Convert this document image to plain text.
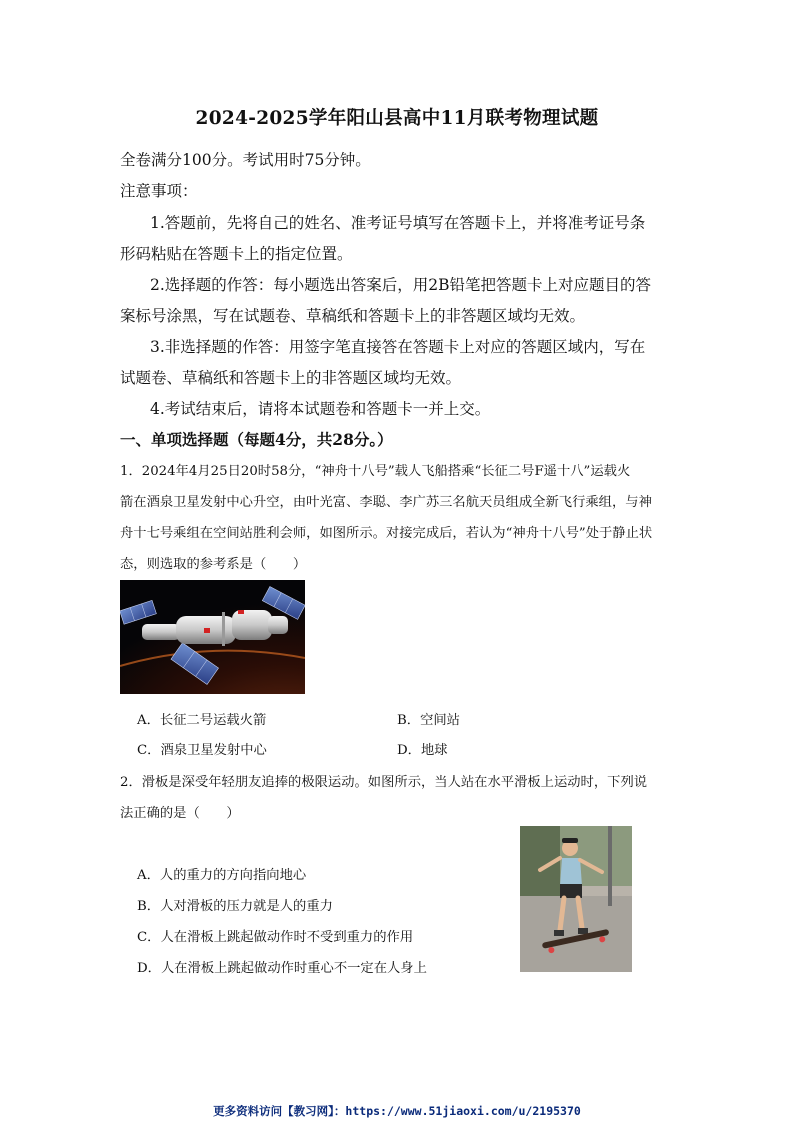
2024-2025学年阳山县高中11月联考物理试题
全卷满分100分。考试用时75分钟。
注意事项：
1.答题前，先将自己的姓名、准考证号填写在答题卡上，并将准考证号条
形码粘贴在答题卡上的指定位置。
2.选择题的作答：每小题选出答案后，用2B铅笔把答题卡上对应题目的答
案标号涂黑，写在试题卷、草稿纸和答题卡上的非答题区域均无效。
3.非选择题的作答：用签字笔直接答在答题卡上对应的答题区域内，写在
试题卷、草稿纸和答题卡上的非答题区域均无效。
4.考试结束后，请将本试题卷和答题卡一并上交。
一、单项选择题（每题4分，共28分。）
1．2024年4月25日20时58分，“神舟十八号”载人飞船搭乘“长征二号F遥十八”运载火
箭在酒泉卫星发射中心升空，由叶光富、李聪、李广苏三名航天员组成全新飞行乘组，与神
舟十七号乘组在空间站胜利会师，如图所示。对接完成后，若认为“神舟十八号”处于静止状
态，则选取的参考系是（　　）
A．长征二号运载火箭	B．空间站
C．酒泉卫星发射中心	D．地球
2．滑板是深受年轻朋友追捧的极限运动。如图所示，当人站在水平滑板上运动时，下列说
法正确的是（　　）
A．人的重力的方向指向地心
B．人对滑板的压力就是人的重力
C．人在滑板上跳起做动作时不受到重力的作用
D．人在滑板上跳起做动作时重心不一定在人身上
更多资料访问【教习网】：https://www.51jiaoxi.com/u/2195370
